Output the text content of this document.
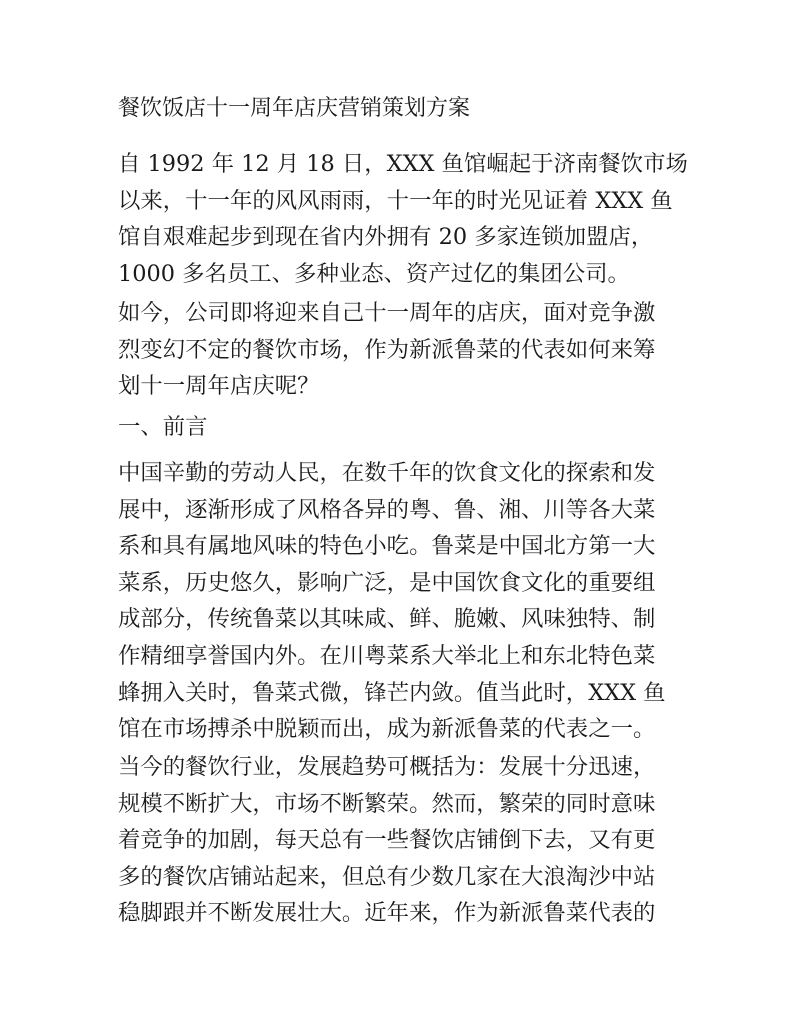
餐饮饭店十一周年店庆营销策划方案

自 1992 年 12 月 18 日，XXX 鱼馆崛起于济南餐饮市场
以来，十一年的风风雨雨，十一年的时光见证着 XXX 鱼
馆自艰难起步到现在省内外拥有 20 多家连锁加盟店，
1000 多名员工、多种业态、资产过亿的集团公司。

如今，公司即将迎来自己十一周年的店庆，面对竞争激
烈变幻不定的餐饮市场，作为新派鲁菜的代表如何来筹
划十一周年店庆呢？

一、前言

中国辛勤的劳动人民，在数千年的饮食文化的探索和发
展中，逐渐形成了风格各异的粤、鲁、湘、川等各大菜
系和具有属地风味的特色小吃。鲁菜是中国北方第一大
菜系，历史悠久，影响广泛，是中国饮食文化的重要组
成部分，传统鲁菜以其味咸、鲜、脆嫩、风味独特、制
作精细享誉国内外。在川粤菜系大举北上和东北特色菜
蜂拥入关时，鲁菜式微，锋芒内敛。值当此时，XXX 鱼
馆在市场搏杀中脱颖而出，成为新派鲁菜的代表之一。

当今的餐饮行业，发展趋势可概括为：发展十分迅速，
规模不断扩大，市场不断繁荣。然而，繁荣的同时意味
着竞争的加剧，每天总有一些餐饮店铺倒下去，又有更
多的餐饮店铺站起来，但总有少数几家在大浪淘沙中站
稳脚跟并不断发展壮大。近年来，作为新派鲁菜代表的
